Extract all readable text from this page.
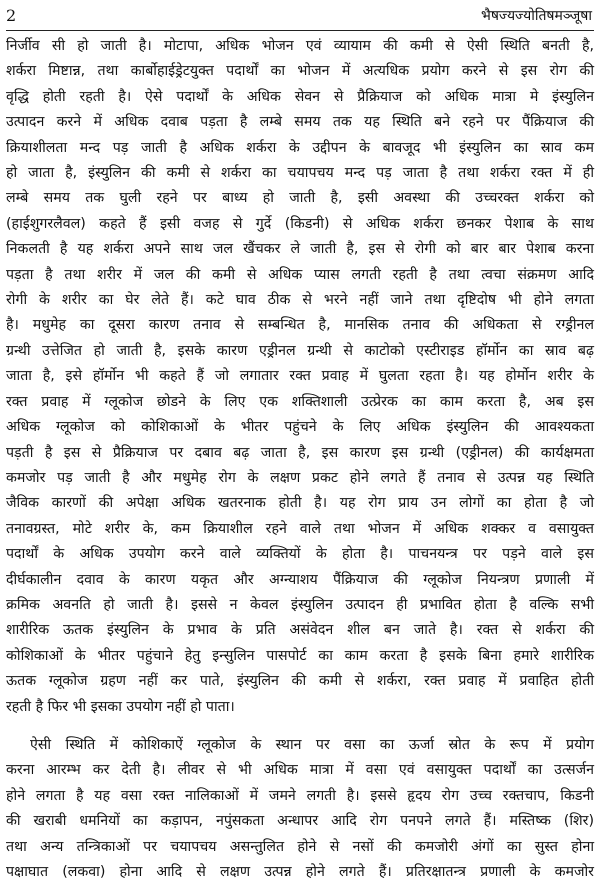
2	भैषज्यज्योतिषमञ्जूषा
निर्जीव सी हो जाती है। मोटापा, अधिक भोजन एवं व्यायाम की कमी से ऐसी स्थिति बनती है,
शर्करा मिष्टान्न, तथा कार्बोहाईड्रेटयुक्त पदार्थों का भोजन में अत्यधिक प्रयोग करने से इस रोग की
वृद्धि होती रहती है। ऐसे पदार्थों के अधिक सेवन से प्रैक्रियाज को अधिक मात्रा मे इंस्युलिन
उत्पादन करने में अधिक दवाब पड़ता है लम्बे समय तक यह स्थिति बने रहने पर पैंक्रियाज की
क्रियाशीलता मन्द पड़ जाती है अधिक शर्करा के उद्दीपन के बावजूद भी इंस्युलिन का स्राव कम
हो जाता है, इंस्युलिन की कमी से शर्करा का चयापचय मन्द पड़ जाता है तथा शर्करा रक्त में ही
लम्बे समय तक घुली रहने पर बाध्य हो जाती है, इसी अवस्था की उच्चरक्त शर्करा को
(हाईशुगरलैवल) कहते हैं इसी वजह से गुर्दे (किडनी) से अधिक शर्करा छनकर पेशाब के साथ
निकलती है यह शर्करा अपने साथ जल खैंचकर ले जाती है, इस से रोगी को बार बार पेशाब करना
पड़ता है तथा शरीर में जल की कमी से अधिक प्यास लगती रहती है तथा त्वचा संक्रमण आदि
रोगी के शरीर का घेर लेते हैं। कटे घाव ठीक से भरने नहीं जाने तथा दृष्टिदोष भी होने लगता
है। मधुमेह का दूसरा कारण तनाव से सम्बन्धित है, मानसिक तनाव की अधिकता से रग्ड्रीनल
ग्रन्थी उत्तेजित हो जाती है, इसके कारण एड्रीनल ग्रन्थी से काटोको एस्टीराइड हॉर्मोन का स्राव बढ़
जाता है, इसे हॉर्मोन भी कहते हैं जो लगातार रक्त प्रवाह में घुलता रहता है। यह होर्मोन शरीर के
रक्त प्रवाह में ग्लूकोज छोडने के लिए एक शक्तिशाली उत्प्रेरक का काम करता है, अब इस
अधिक ग्लूकोज को कोशिकाओं के भीतर पहुंचने के लिए अधिक इंस्युलिन की आवश्यकता
पड़ती है इस से प्रैक्रियाज पर दबाव बढ़ जाता है, इस कारण इस ग्रन्थी (एड्रीनल) की कार्यक्षमता
कमजोर पड़ जाती है और मधुमेह रोग के लक्षण प्रकट होने लगते हैं तनाव से उत्पन्न यह स्थिति
जैविक कारणों की अपेक्षा अधिक खतरनाक होती है। यह रोग प्राय उन लोगों का होता है जो
तनावग्रस्त, मोटे शरीर के, कम क्रियाशील रहने वाले तथा भोजन में अधिक शक्कर व वसायुक्त
पदार्थों के अधिक उपयोग करने वाले व्यक्तियों के होता है। पाचनयन्त्र पर पड़ने वाले इस
दीर्घकालीन दवाव के कारण यकृत और अग्न्याशय पैंक्रियाज की ग्लूकोज नियन्त्रण प्रणाली में
क्रमिक अवनति हो जाती है। इससे न केवल इंस्युलिन उत्पादन ही प्रभावित होता है वल्कि सभी
शारीरिक ऊतक इंस्युलिन के प्रभाव के प्रति असंवेदन शील बन जाते है। रक्त से शर्करा की
कोशिकाओं के भीतर पहुंचाने हेतु इन्सुलिन पासपोर्ट का काम करता है इसके बिना हमारे शारीरिक
ऊतक ग्लूकोज ग्रहण नहीं कर पाते, इंस्युलिन की कमी से शर्करा, रक्त प्रवाह में प्रवाहित होती
रहती है फिर भी इसका उपयोग नहीं हो पाता।
ऐसी स्थिति में कोशिकाऐं ग्लूकोज के स्थान पर वसा का ऊर्जा स्रोत के रूप में प्रयोग
करना आरम्भ कर देती है। लीवर से भी अधिक मात्रा में वसा एवं वसायुक्त पदार्थों का उत्सर्जन
होने लगता है यह वसा रक्त नालिकाओं में जमने लगती है। इससे हृदय रोग उच्च रक्तचाप, किडनी
की खराबी धमनियों का कड़ापन, नपुंसकता अन्धापर आदि रोग पनपने लगते हैं। मस्तिष्क (शिर)
तथा अन्य तन्त्रिकाओं पर चयापचय असन्तुलित होने से नसों की कमजोरी अंगों का सुस्त होना
पक्षाघात (लकवा) होना आदि से लक्षण उत्पन्न होने लगते हैं। प्रतिरक्षातन्त्र प्रणाली के कमजोर
